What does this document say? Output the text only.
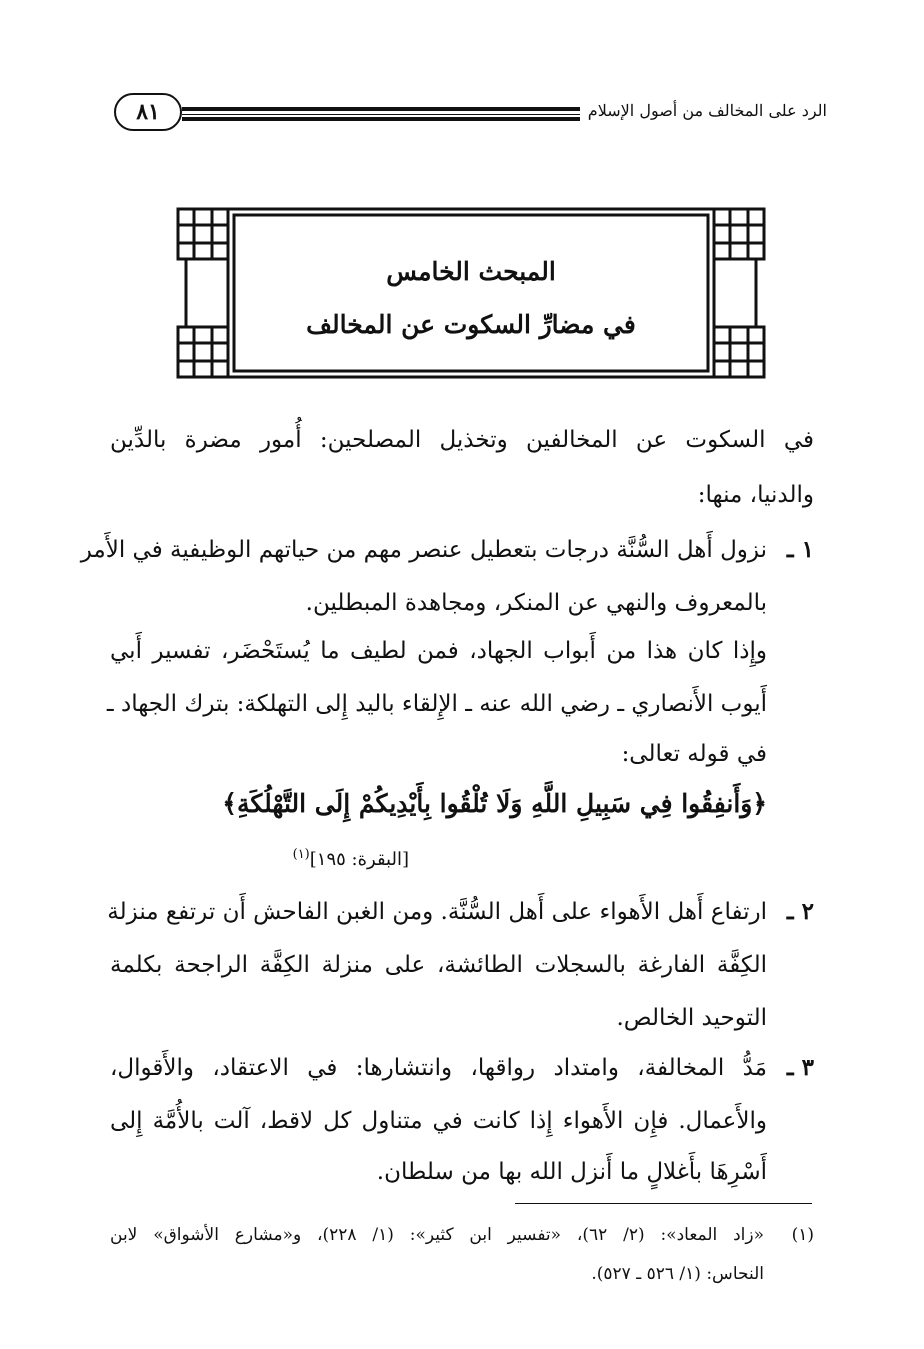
الرد على المخالف من أصول الإسلام
٨١
المبحث الخامس
في مضارِّ السكوت عن المخالف
في السكوت عن المخالفين وتخذيل المصلحين: أُمور مضرة بالدِّين
والدنيا، منها:
١ ـ
نزول أَهل السُّنَّة درجات بتعطيل عنصر مهم من حياتهم الوظيفية في الأَمر
بالمعروف والنهي عن المنكر، ومجاهدة المبطلين.
وإِذا كان هذا من أَبواب الجهاد، فمن لطيف ما يُستَحْضَر، تفسير أَبي
أَيوب الأَنصاري ـ رضي الله عنه ـ الإِلقاء باليد إِلى التهلكة: بترك الجهاد ـ
في قوله تعالى:
﴿وَأَنفِقُوا فِي سَبِيلِ اللَّهِ وَلَا تُلْقُوا بِأَيْدِيكُمْ إِلَى التَّهْلُكَةِ﴾
[البقرة: ١٩٥]$^{(١)}$
٢ ـ
ارتفاع أَهل الأَهواء على أَهل السُّنَّة. ومن الغبن الفاحش أَن ترتفع منزلة
الكِفَّة الفارغة بالسجلات الطائشة، على منزلة الكِفَّة الراجحة بكلمة
التوحيد الخالص.
٣ ـ
مَدُّ المخالفة، وامتداد رواقها، وانتشارها: في الاعتقاد، والأَقوال،
والأَعمال. فإِن الأَهواء إِذا كانت في متناول كل لاقط، آلت بالأُمَّة إِلى
أَسْرِهَا بأَغلالٍ ما أَنزل الله بها من سلطان.
(١)
«زاد المعاد»: (٢/ ٦٢)، «تفسير ابن كثير»: (١/ ٢٢٨)، و«مشارع الأشواق» لابن
النحاس: (١/ ٥٢٦ ـ ٥٢٧).
